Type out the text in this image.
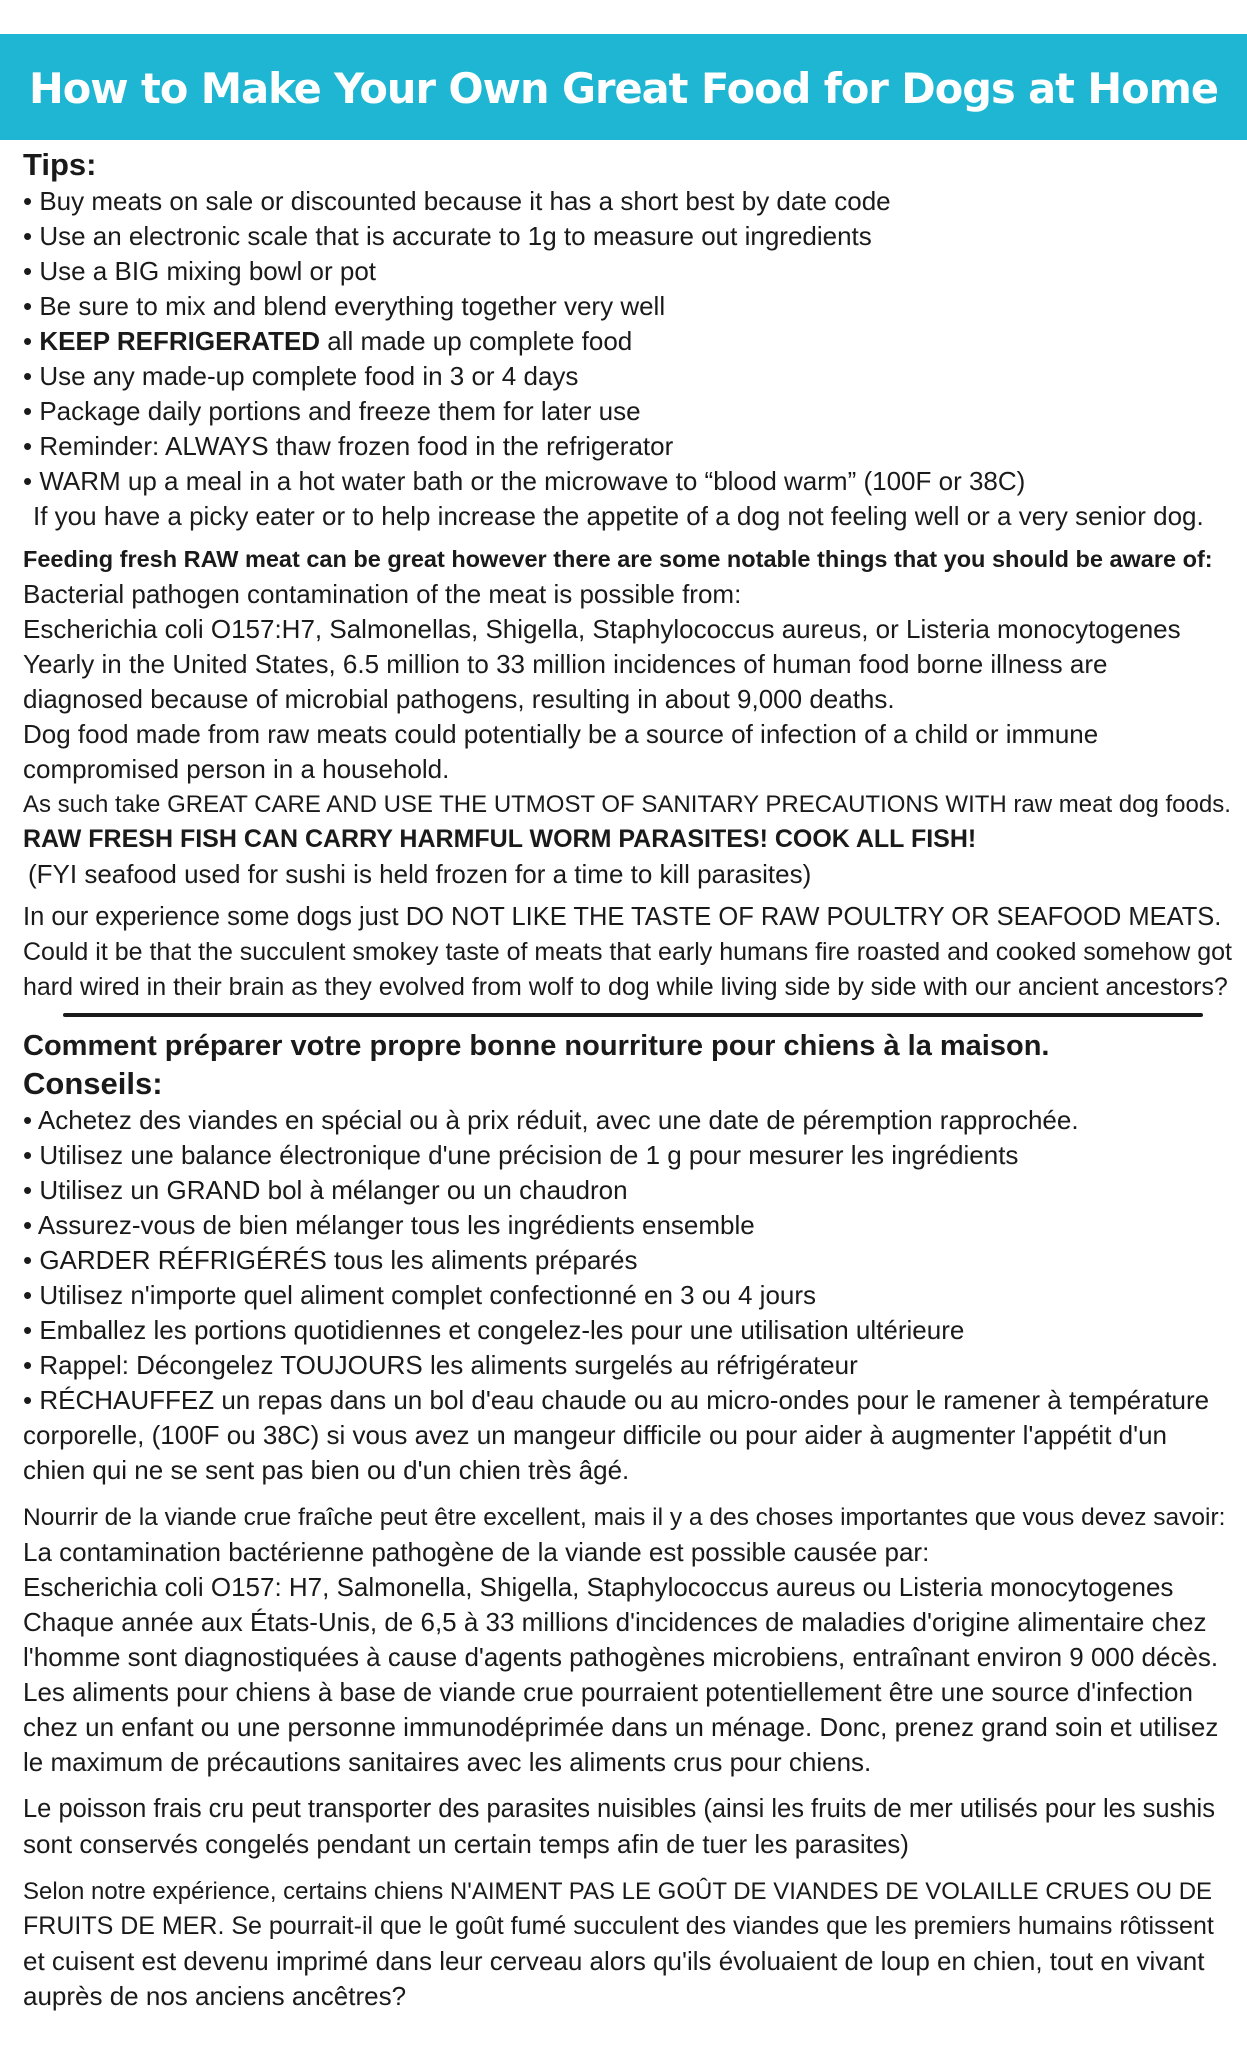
How to Make Your Own Great Food for Dogs at Home
Tips:
• Buy meats on sale or discounted because it has a short best by date code
• Use an electronic scale that is accurate to 1g to measure out ingredients
• Use a BIG mixing bowl or pot
• Be sure to mix and blend everything together very well
• KEEP REFRIGERATED all made up complete food
• Use any made-up complete food in 3 or 4 days
• Package daily portions and freeze them for later use
• Reminder: ALWAYS thaw frozen food in the refrigerator
• WARM up a meal in a hot water bath or the microwave to “blood warm” (100F or 38C)
If you have a picky eater or to help increase the appetite of a dog not feeling well or a very senior dog.
Feeding fresh RAW meat can be great however there are some notable things that you should be aware of:
Bacterial pathogen contamination of the meat is possible from:
Escherichia coli O157:H7, Salmonellas, Shigella, Staphylococcus aureus, or Listeria monocytogenes
Yearly in the United States, 6.5 million to 33 million incidences of human food borne illness are
diagnosed because of microbial pathogens, resulting in about 9,000 deaths.
Dog food made from raw meats could potentially be a source of infection of a child or immune
compromised person in a household.
As such take GREAT CARE AND USE THE UTMOST OF SANITARY PRECAUTIONS WITH raw meat dog foods.
RAW FRESH FISH CAN CARRY HARMFUL WORM PARASITES! COOK ALL FISH!
(FYI seafood used for sushi is held frozen for a time to kill parasites)
In our experience some dogs just DO NOT LIKE THE TASTE OF RAW POULTRY OR SEAFOOD MEATS.
Could it be that the succulent smokey taste of meats that early humans fire roasted and cooked somehow got
hard wired in their brain as they evolved from wolf to dog while living side by side with our ancient ancestors?
Comment préparer votre propre bonne nourriture pour chiens à la maison.
Conseils:
• Achetez des viandes en spécial ou à prix réduit, avec une date de péremption rapprochée.
• Utilisez une balance électronique d'une précision de 1 g pour mesurer les ingrédients
• Utilisez un GRAND bol à mélanger ou un chaudron
• Assurez-vous de bien mélanger tous les ingrédients ensemble
• GARDER RÉFRIGÉRÉS tous les aliments préparés
• Utilisez n'importe quel aliment complet confectionné en 3 ou 4 jours
• Emballez les portions quotidiennes et congelez-les pour une utilisation ultérieure
• Rappel: Décongelez TOUJOURS les aliments surgelés au réfrigérateur
• RÉCHAUFFEZ un repas dans un bol d'eau chaude ou au micro-ondes pour le ramener à température
corporelle, (100F ou 38C) si vous avez un mangeur difficile ou pour aider à augmenter l'appétit d'un
chien qui ne se sent pas bien ou d'un chien très âgé.
Nourrir de la viande crue fraîche peut être excellent, mais il y a des choses importantes que vous devez savoir:
La contamination bactérienne pathogène de la viande est possible causée par:
Escherichia coli O157: H7, Salmonella, Shigella, Staphylococcus aureus ou Listeria monocytogenes
Chaque année aux États-Unis, de 6,5 à 33 millions d'incidences de maladies d'origine alimentaire chez
l'homme sont diagnostiquées à cause d'agents pathogènes microbiens, entraînant environ 9 000 décès.
Les aliments pour chiens à base de viande crue pourraient potentiellement être une source d'infection
chez un enfant ou une personne immunodéprimée dans un ménage. Donc, prenez grand soin et utilisez
le maximum de précautions sanitaires avec les aliments crus pour chiens.
Le poisson frais cru peut transporter des parasites nuisibles (ainsi les fruits de mer utilisés pour les sushis
sont conservés congelés pendant un certain temps afin de tuer les parasites)
Selon notre expérience, certains chiens N'AIMENT PAS LE GOÛT DE VIANDES DE VOLAILLE CRUES OU DE
FRUITS DE MER. Se pourrait-il que le goût fumé succulent des viandes que les premiers humains rôtissent
et cuisent est devenu imprimé dans leur cerveau alors qu'ils évoluaient de loup en chien, tout en vivant
auprès de nos anciens ancêtres?
